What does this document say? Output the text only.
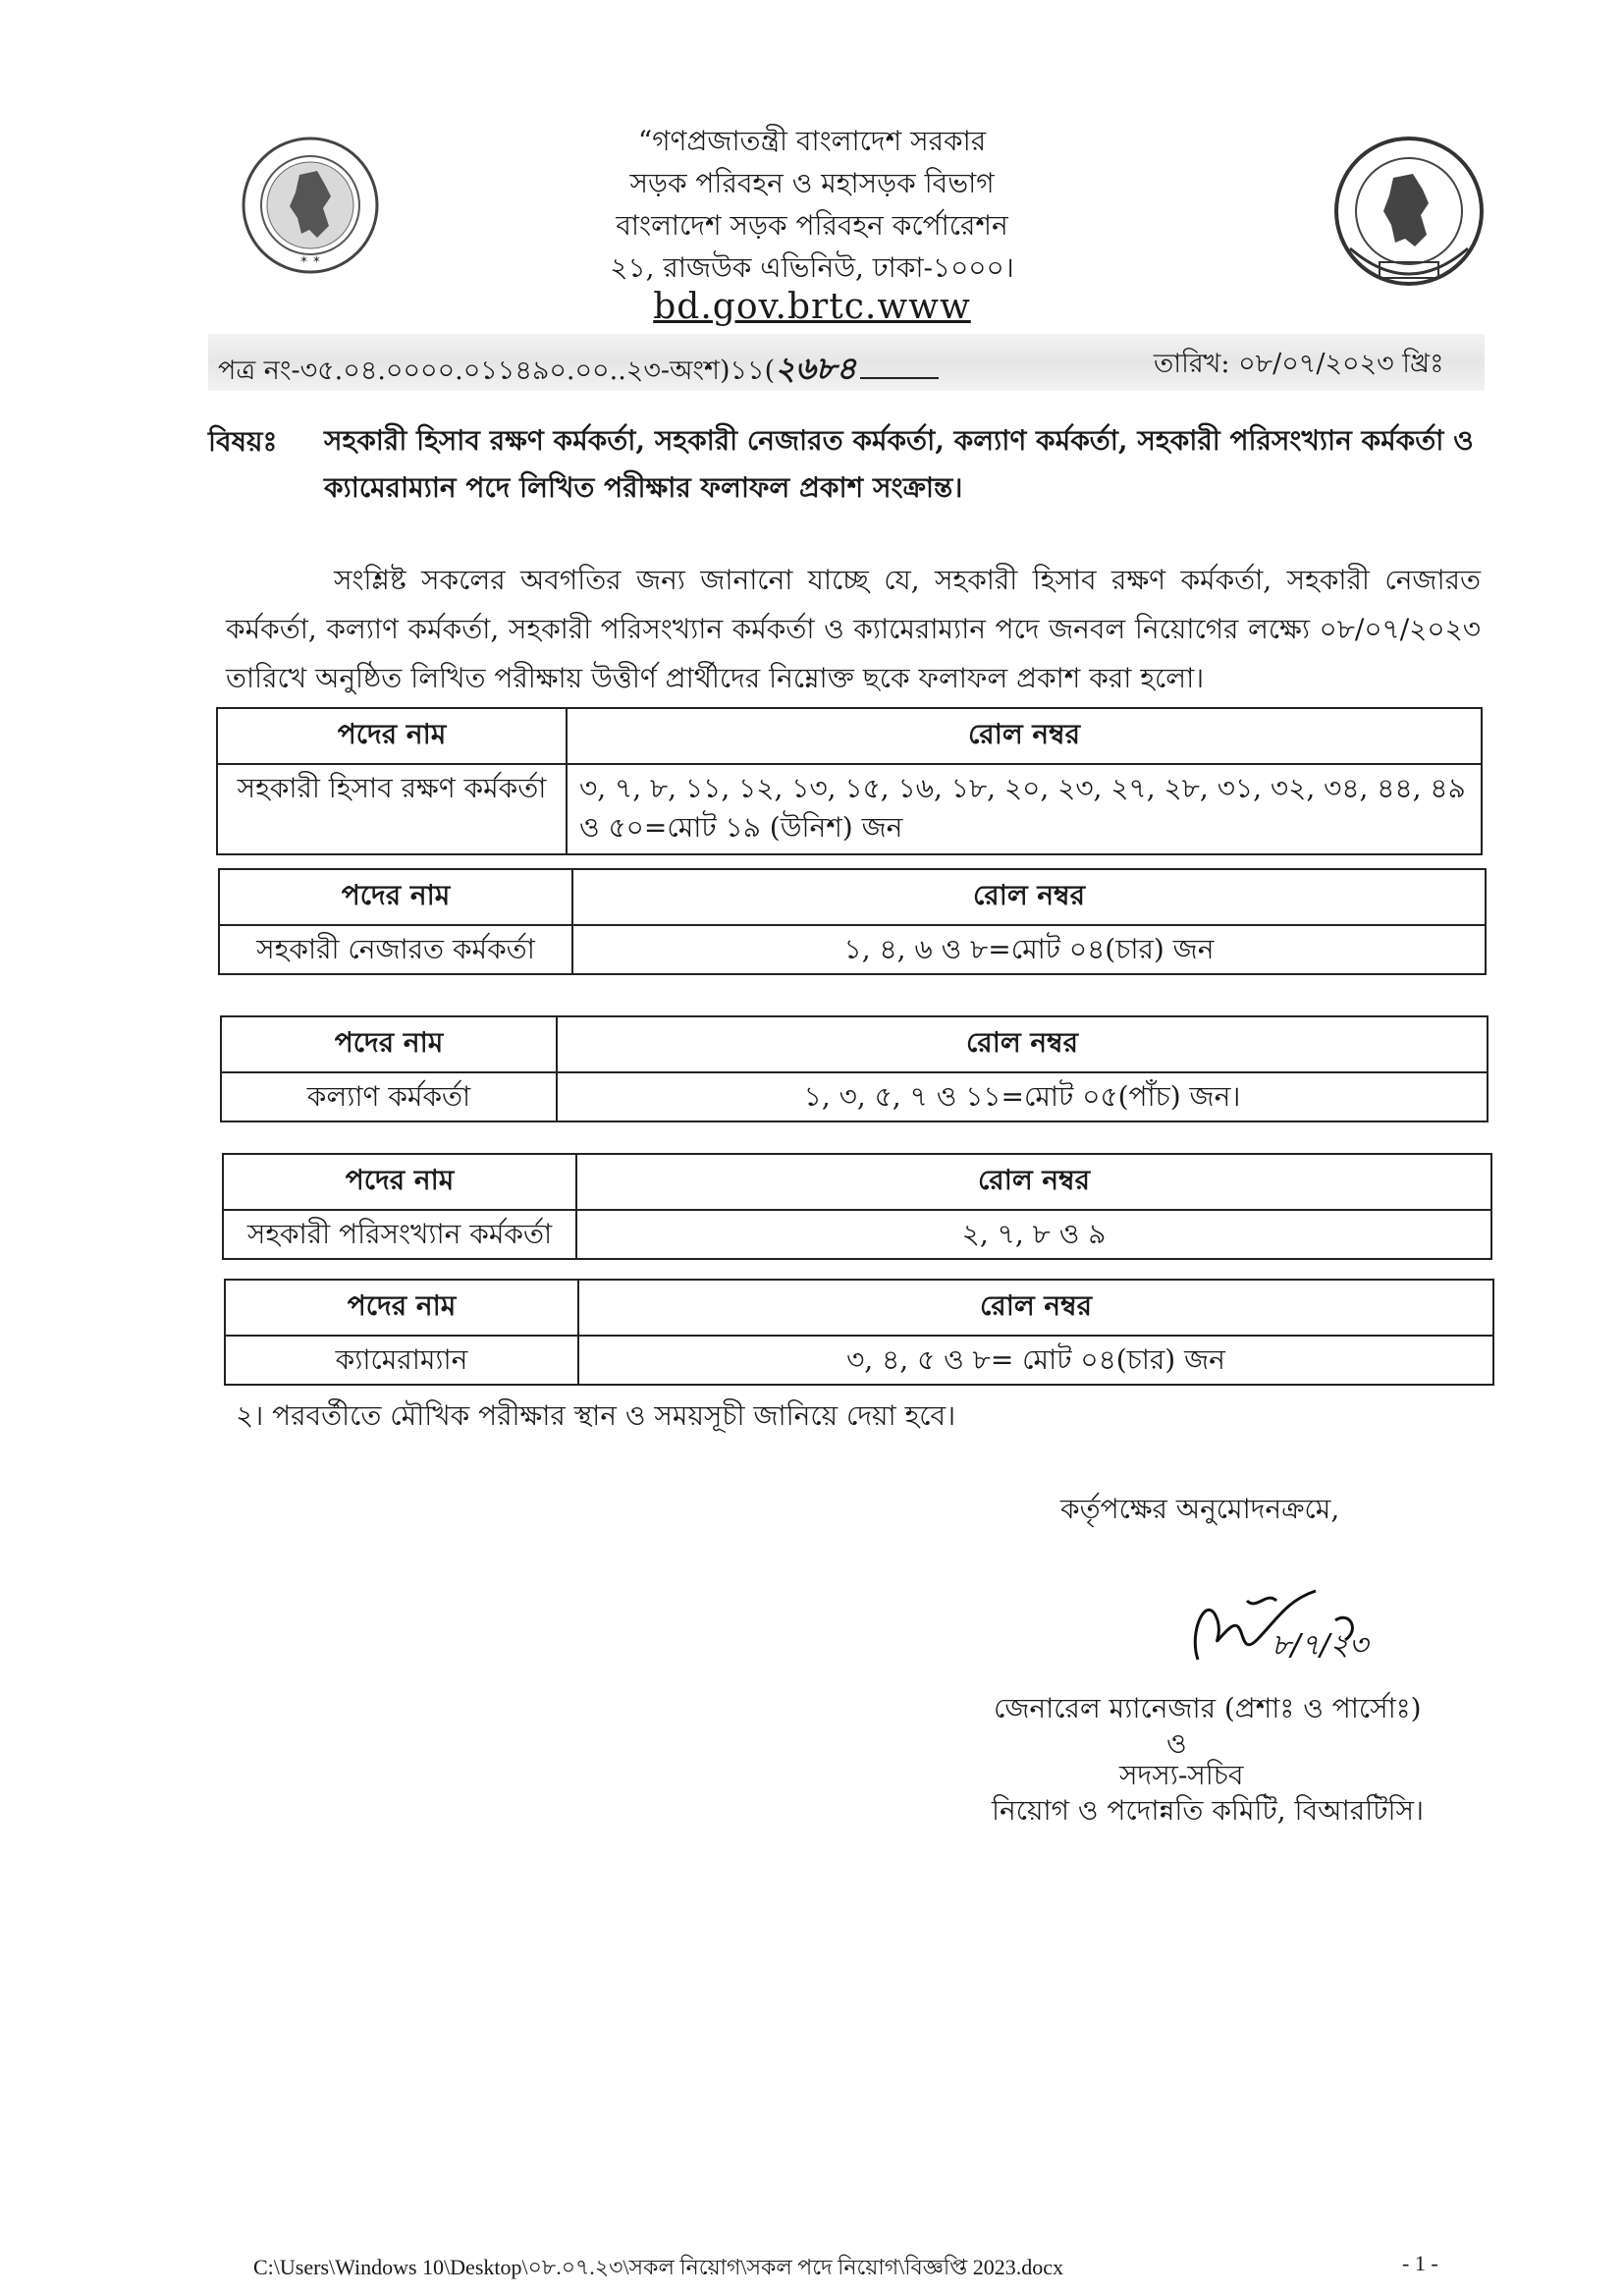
✶ ✶
“গণপ্রজাতন্ত্রী বাংলাদেশ সরকার
সড়ক পরিবহন ও মহাসড়ক বিভাগ
বাংলাদেশ সড়ক পরিবহন কর্পোরেশন
২১, রাজউক এভিনিউ, ঢাকা-১০০০।
bd.gov.brtc.www
পত্র নং-৩৫.০৪.০০০০.০১১৪৯০.০০..২৩-অংশ)১১(২৬৮৪	তারিখ: ০৮/০৭/২০২৩ খ্রিঃ
বিষয়ঃ সহকারী হিসাব রক্ষণ কর্মকর্তা, সহকারী নেজারত কর্মকর্তা, কল্যাণ কর্মকর্তা, সহকারী পরিসংখ্যান কর্মকর্তা ও ক্যামেরাম্যান পদে লিখিত পরীক্ষার ফলাফল প্রকাশ সংক্রান্ত।
সংশ্লিষ্ট সকলের অবগতির জন্য জানানো যাচ্ছে যে, সহকারী হিসাব রক্ষণ কর্মকর্তা, সহকারী নেজারত কর্মকর্তা, কল্যাণ কর্মকর্তা, সহকারী পরিসংখ্যান কর্মকর্তা ও ক্যামেরাম্যান পদে জনবল নিয়োগের লক্ষ্যে ০৮/০৭/২০২৩ তারিখে অনুষ্ঠিত লিখিত পরীক্ষায় উত্তীর্ণ প্রার্থীদের নিম্নোক্ত ছকে ফলাফল প্রকাশ করা হলো।
পদের নাম	রোল নম্বর
সহকারী হিসাব রক্ষণ কর্মকর্তা	৩, ৭, ৮, ১১, ১২, ১৩, ১৫, ১৬, ১৮, ২০, ২৩, ২৭, ২৮, ৩১, ৩২, ৩৪, ৪৪, ৪৯ ও ৫০=মোট ১৯ (উনিশ) জন
পদের নাম	রোল নম্বর
সহকারী নেজারত কর্মকর্তা	১, ৪, ৬ ও ৮=মোট ০৪(চার) জন
পদের নাম	রোল নম্বর
কল্যাণ কর্মকর্তা	১, ৩, ৫, ৭ ও ১১=মোট ০৫(পাঁচ) জন।
পদের নাম	রোল নম্বর
সহকারী পরিসংখ্যান কর্মকর্তা	২, ৭, ৮ ও ৯
পদের নাম	রোল নম্বর
ক্যামেরাম্যান	৩, ৪, ৫ ও ৮= মোট ০৪(চার) জন
২। পরবর্তীতে মৌখিক পরীক্ষার স্থান ও সময়সূচী জানিয়ে দেয়া হবে।
কর্তৃপক্ষের অনুমোদনক্রমে,
৮/৭/২৩
জেনারেল ম্যানেজার (প্রশাঃ ও পার্সোঃ)
ও
সদস্য-সচিব
নিয়োগ ও পদোন্নতি কমিটি, বিআরটিসি।
C:\Users\Windows 10\Desktop\০৮.০৭.২৩\সকল নিয়োগ\সকল পদে নিয়োগ\বিজ্ঞপ্তি 2023.docx	- 1 -
